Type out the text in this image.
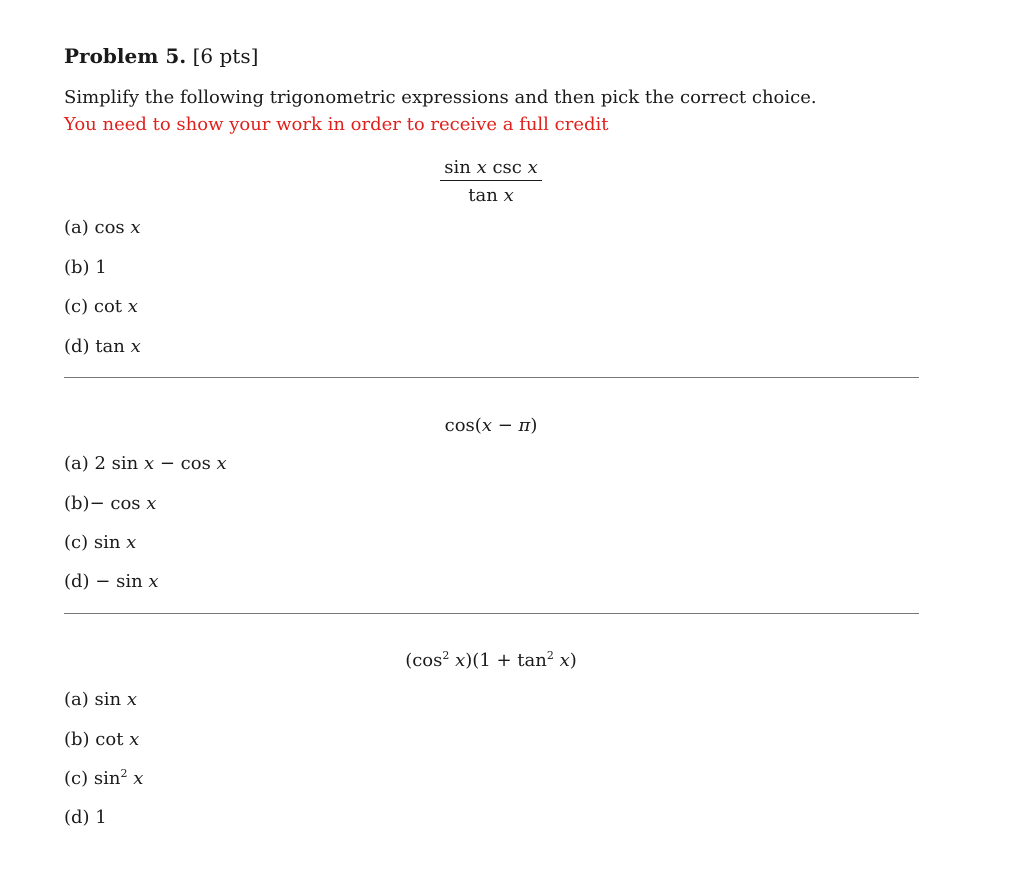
Problem 5. [6 pts]
Simplify the following trigonometric expressions and then pick the correct choice.
You need to show your work in order to receive a full credit
$\frac{\text{sin x csc x}}{\text{tan x}}$
(a) cos x
(b) 1
(c) cot x
(d) tan x
cos(x − π)
(a) 2 sin x − cos x
(b)− cos x
(c) sin x
(d) − sin x
($\cos^2$ $x)(1 + \tan^2 x)$
(a) sin x
(b) cot x
(c) $\sin^2 x$
(d) 1
